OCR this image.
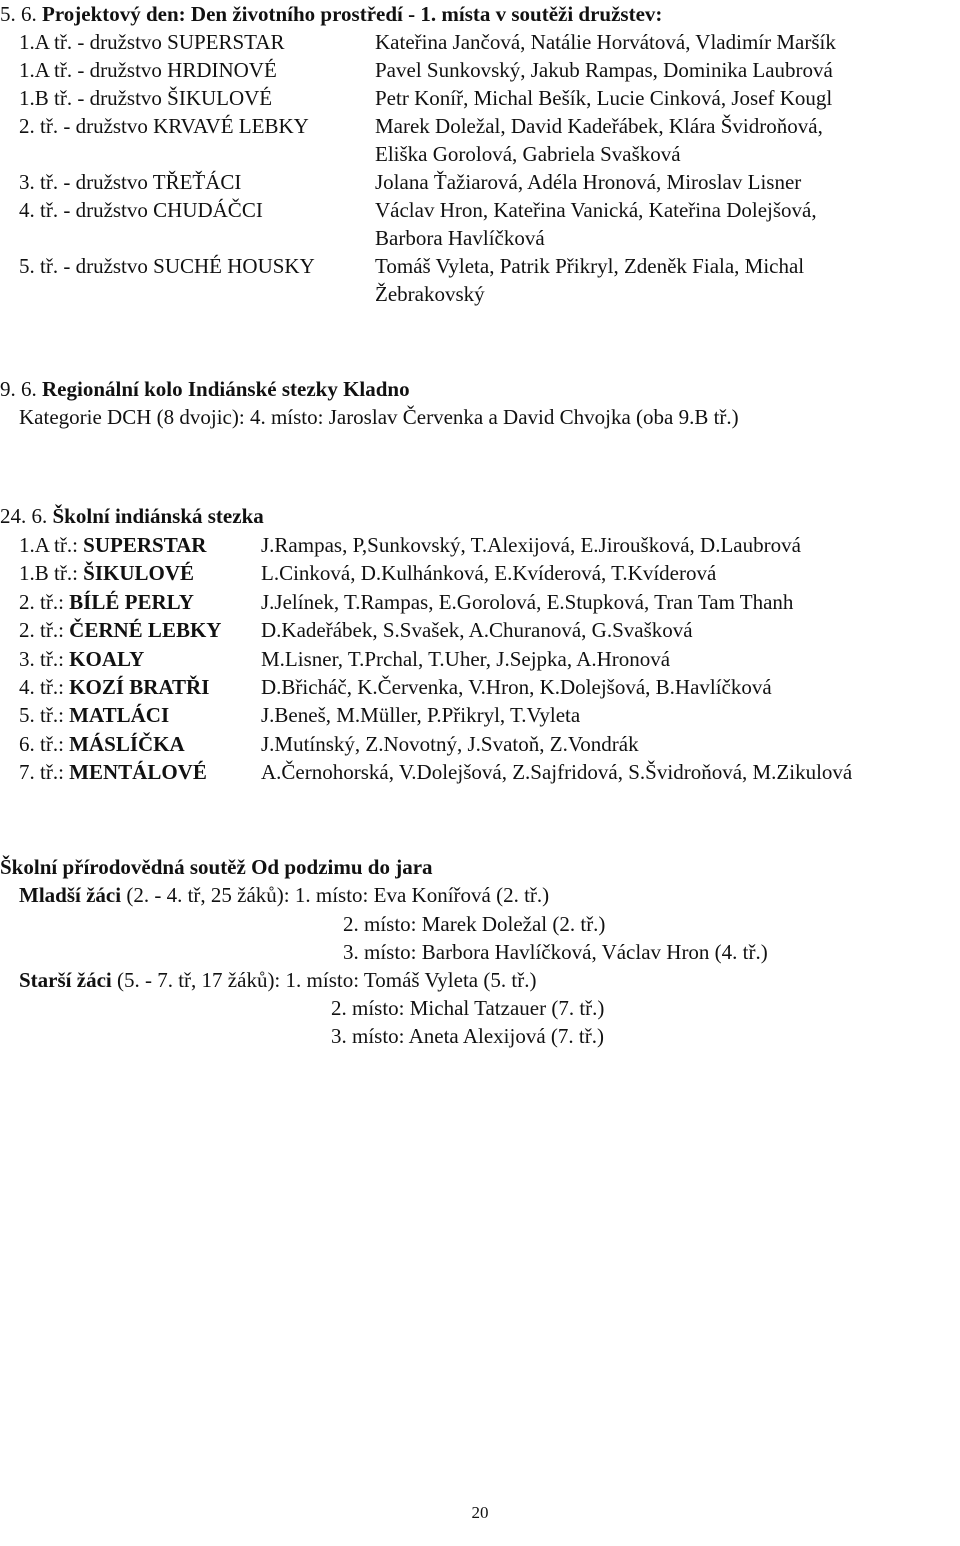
5. 6. Projektový den: Den životního prostředí - 1. místa v soutěži družstev:
1.A tř. - družstvo SUPERSTAR	Kateřina Jančová, Natálie Horvátová, Vladimír Maršík
1.A tř. - družstvo HRDINOVÉ	Pavel Sunkovský, Jakub Rampas, Dominika Laubrová
1.B tř. - družstvo ŠIKULOVÉ	Petr Koníř, Michal Bešík, Lucie Cinková, Josef Kougl
2. tř. - družstvo KRVAVÉ LEBKY	Marek Doležal, David Kadeřábek, Klára Švidroňová,
Eliška Gorolová, Gabriela Svašková
3. tř. - družstvo TŘEŤÁCI	Jolana Ťažiarová, Adéla Hronová, Miroslav Lisner
4. tř. - družstvo CHUDÁČCI	Václav Hron, Kateřina Vanická, Kateřina Dolejšová,
Barbora Havlíčková
5. tř. - družstvo SUCHÉ HOUSKY	Tomáš Vyleta, Patrik Přikryl, Zdeněk Fiala, Michal
Žebrakovský
9. 6. Regionální kolo Indiánské stezky Kladno
Kategorie DCH (8 dvojic): 4. místo: Jaroslav Červenka a David Chvojka (oba 9.B tř.)
24. 6. Školní indiánská stezka
1.A tř.: SUPERSTAR	J.Rampas, P,Sunkovský, T.Alexijová, E.Jiroušková, D.Laubrová
1.B tř.: ŠIKULOVÉ	L.Cinková, D.Kulhánková, E.Kvíderová, T.Kvíderová
2. tř.: BÍLÉ PERLY	J.Jelínek, T.Rampas, E.Gorolová, E.Stupková, Tran Tam Thanh
2. tř.: ČERNÉ LEBKY D.Kadeřábek, S.Svašek, A.Churanová, G.Svašková
3. tř.: KOALY	M.Lisner, T.Prchal, T.Uher, J.Sejpka, A.Hronová
4. tř.: KOZÍ BRATŘI D.Břicháč, K.Červenka, V.Hron, K.Dolejšová, B.Havlíčková
5. tř.: MATLÁCI	J.Beneš, M.Müller, P.Přikryl, T.Vyleta
6. tř.: MÁSLÍČKA	J.Mutínský, Z.Novotný, J.Svatoň, Z.Vondrák
7. tř.: MENTÁLOVÉ	A.Černohorská, V.Dolejšová, Z.Sajfridová, S.Švidroňová, M.Zikulová
Školní přírodovědná soutěž Od podzimu do jara
Mladší žáci (2. - 4. tř, 25 žáků): 1. místo: Eva Konířová (2. tř.)
2. místo: Marek Doležal (2. tř.)
3. místo: Barbora Havlíčková, Václav Hron (4. tř.)
Starší žáci (5. - 7. tř, 17 žáků): 1. místo: Tomáš Vyleta (5. tř.)
2. místo: Michal Tatzauer (7. tř.)
3. místo: Aneta Alexijová (7. tř.)
20
